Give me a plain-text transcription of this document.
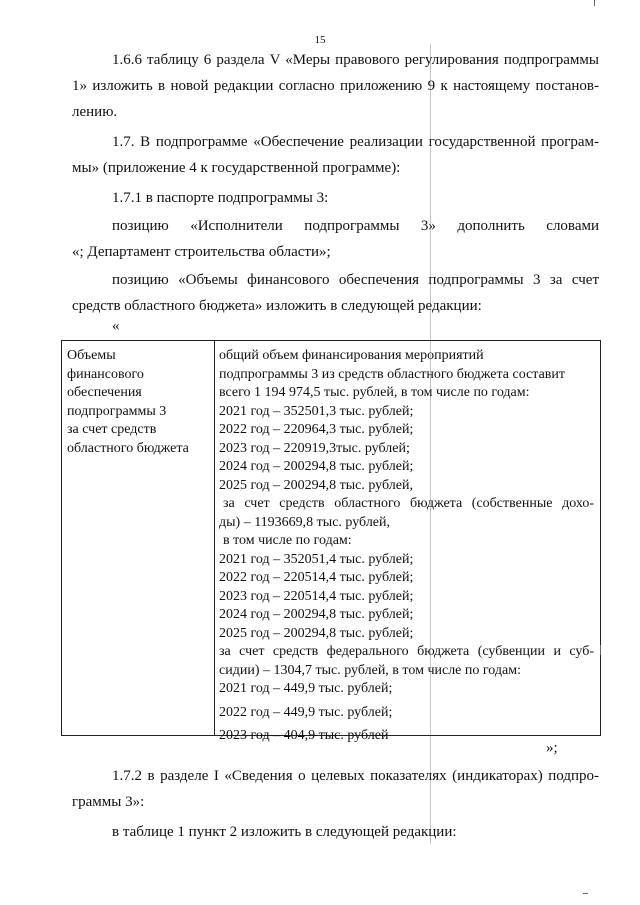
15

1.6.6 таблицу 6 раздела V «Меры правового регулирования подпрограммы

1» изложить в новой редакции согласно приложению 9 к настоящему постанов-

лению.

1.7. В подпрограмме «Обеспечение реализации государственной програм-

мы» (приложение 4 к государственной программе):

1.7.1 в паспорте подпрограммы 3:

позицию «Исполнители подпрограммы 3» дополнить словами

«; Департамент строительства области»;

позицию «Объемы финансового обеспечения подпрограммы 3 за счет

средств областного бюджета» изложить в следующей редакции:

«
Объемы
финансового
обеспечения
подпрограммы 3
за счет средств
областного бюджета
общий объем финансирования мероприятий
подпрограммы 3 из средств областного бюджета составит
всего 1 194 974,5 тыс. рублей, в том числе по годам:
2021 год – 352501,3 тыс. рублей;
2022 год – 220964,3 тыс. рублей;
2023 год – 220919,3тыс. рублей;
2024 год – 200294,8 тыс. рублей;
2025 год – 200294,8 тыс. рублей,
за счет средств областного бюджета (собственные дохо-
ды) – 1193669,8 тыс. рублей,
в том числе по годам:
2021 год – 352051,4 тыс. рублей;
2022 год – 220514,4 тыс. рублей;
2023 год – 220514,4 тыс. рублей;
2024 год – 200294,8 тыс. рублей;
2025 год – 200294,8 тыс. рублей;
за счет средств федерального бюджета (субвенции и суб-
сидии) – 1304,7 тыс. рублей, в том числе по годам:
2021 год – 449,9 тыс. рублей;
2022 год – 449,9 тыс. рублей;
2023 год – 404,9 тыс. рублей
»;

1.7.2 в разделе I «Сведения о целевых показателях (индикаторах) подпро-

граммы 3»:

в таблице 1 пункт 2 изложить в следующей редакции:
